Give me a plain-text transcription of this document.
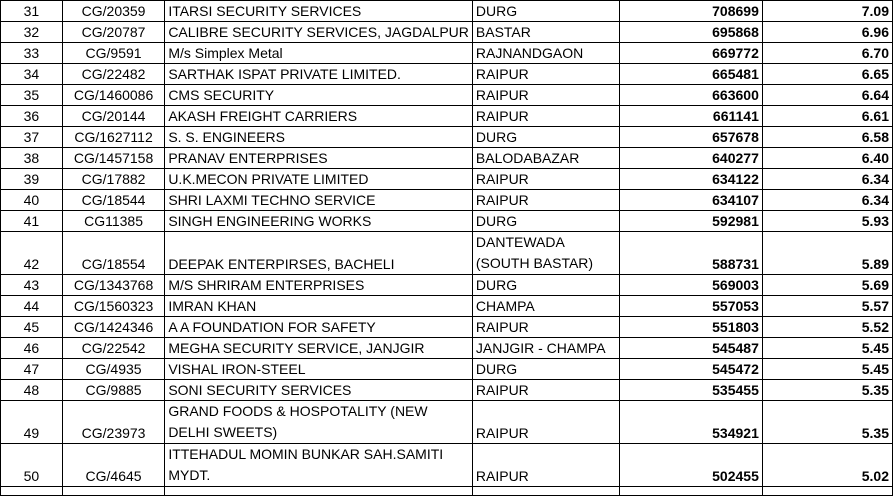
31	CG/20359	ITARSI SECURITY SERVICES	DURG	708699	7.09
32	CG/20787	CALIBRE SECURITY SERVICES, JAGDALPUR	BASTAR	695868	6.96
33	CG/9591	M/s Simplex Metal	RAJNANDGAON	669772	6.70
34	CG/22482	SARTHAK ISPAT PRIVATE LIMITED.	RAIPUR	665481	6.65
35	CG/1460086	CMS SECURITY	RAIPUR	663600	6.64
36	CG/20144	AKASH FREIGHT CARRIERS	RAIPUR	661141	6.61
37	CG/1627112	S. S. ENGINEERS	DURG	657678	6.58
38	CG/1457158	PRANAV ENTERPRISES	BALODABAZAR	640277	6.40
39	CG/17882	U.K.MECON PRIVATE LIMITED	RAIPUR	634122	6.34
40	CG/18544	SHRI LAXMI TECHNO SERVICE	RAIPUR	634107	6.34
41	CG11385	SINGH ENGINEERING WORKS	DURG	592981	5.93
42	CG/18554	DEEPAK ENTERPIRSES, BACHELI	DANTEWADA (SOUTH BASTAR)	588731	5.89
43	CG/1343768	M/S SHRIRAM ENTERPRISES	DURG	569003	5.69
44	CG/1560323	IMRAN KHAN	CHAMPA	557053	5.57
45	CG/1424346	A A FOUNDATION FOR SAFETY	RAIPUR	551803	5.52
46	CG/22542	MEGHA SECURITY SERVICE, JANJGIR	JANJGIR - CHAMPA	545487	5.45
47	CG/4935	VISHAL IRON-STEEL	DURG	545472	5.45
48	CG/9885	SONI SECURITY SERVICES	RAIPUR	535455	5.35
49	CG/23973	GRAND FOODS & HOSPOTALITY (NEW DELHI SWEETS)	RAIPUR	534921	5.35
50	CG/4645	ITTEHADUL MOMIN BUNKAR SAH.SAMITI MYDT.	RAIPUR	502455	5.02
